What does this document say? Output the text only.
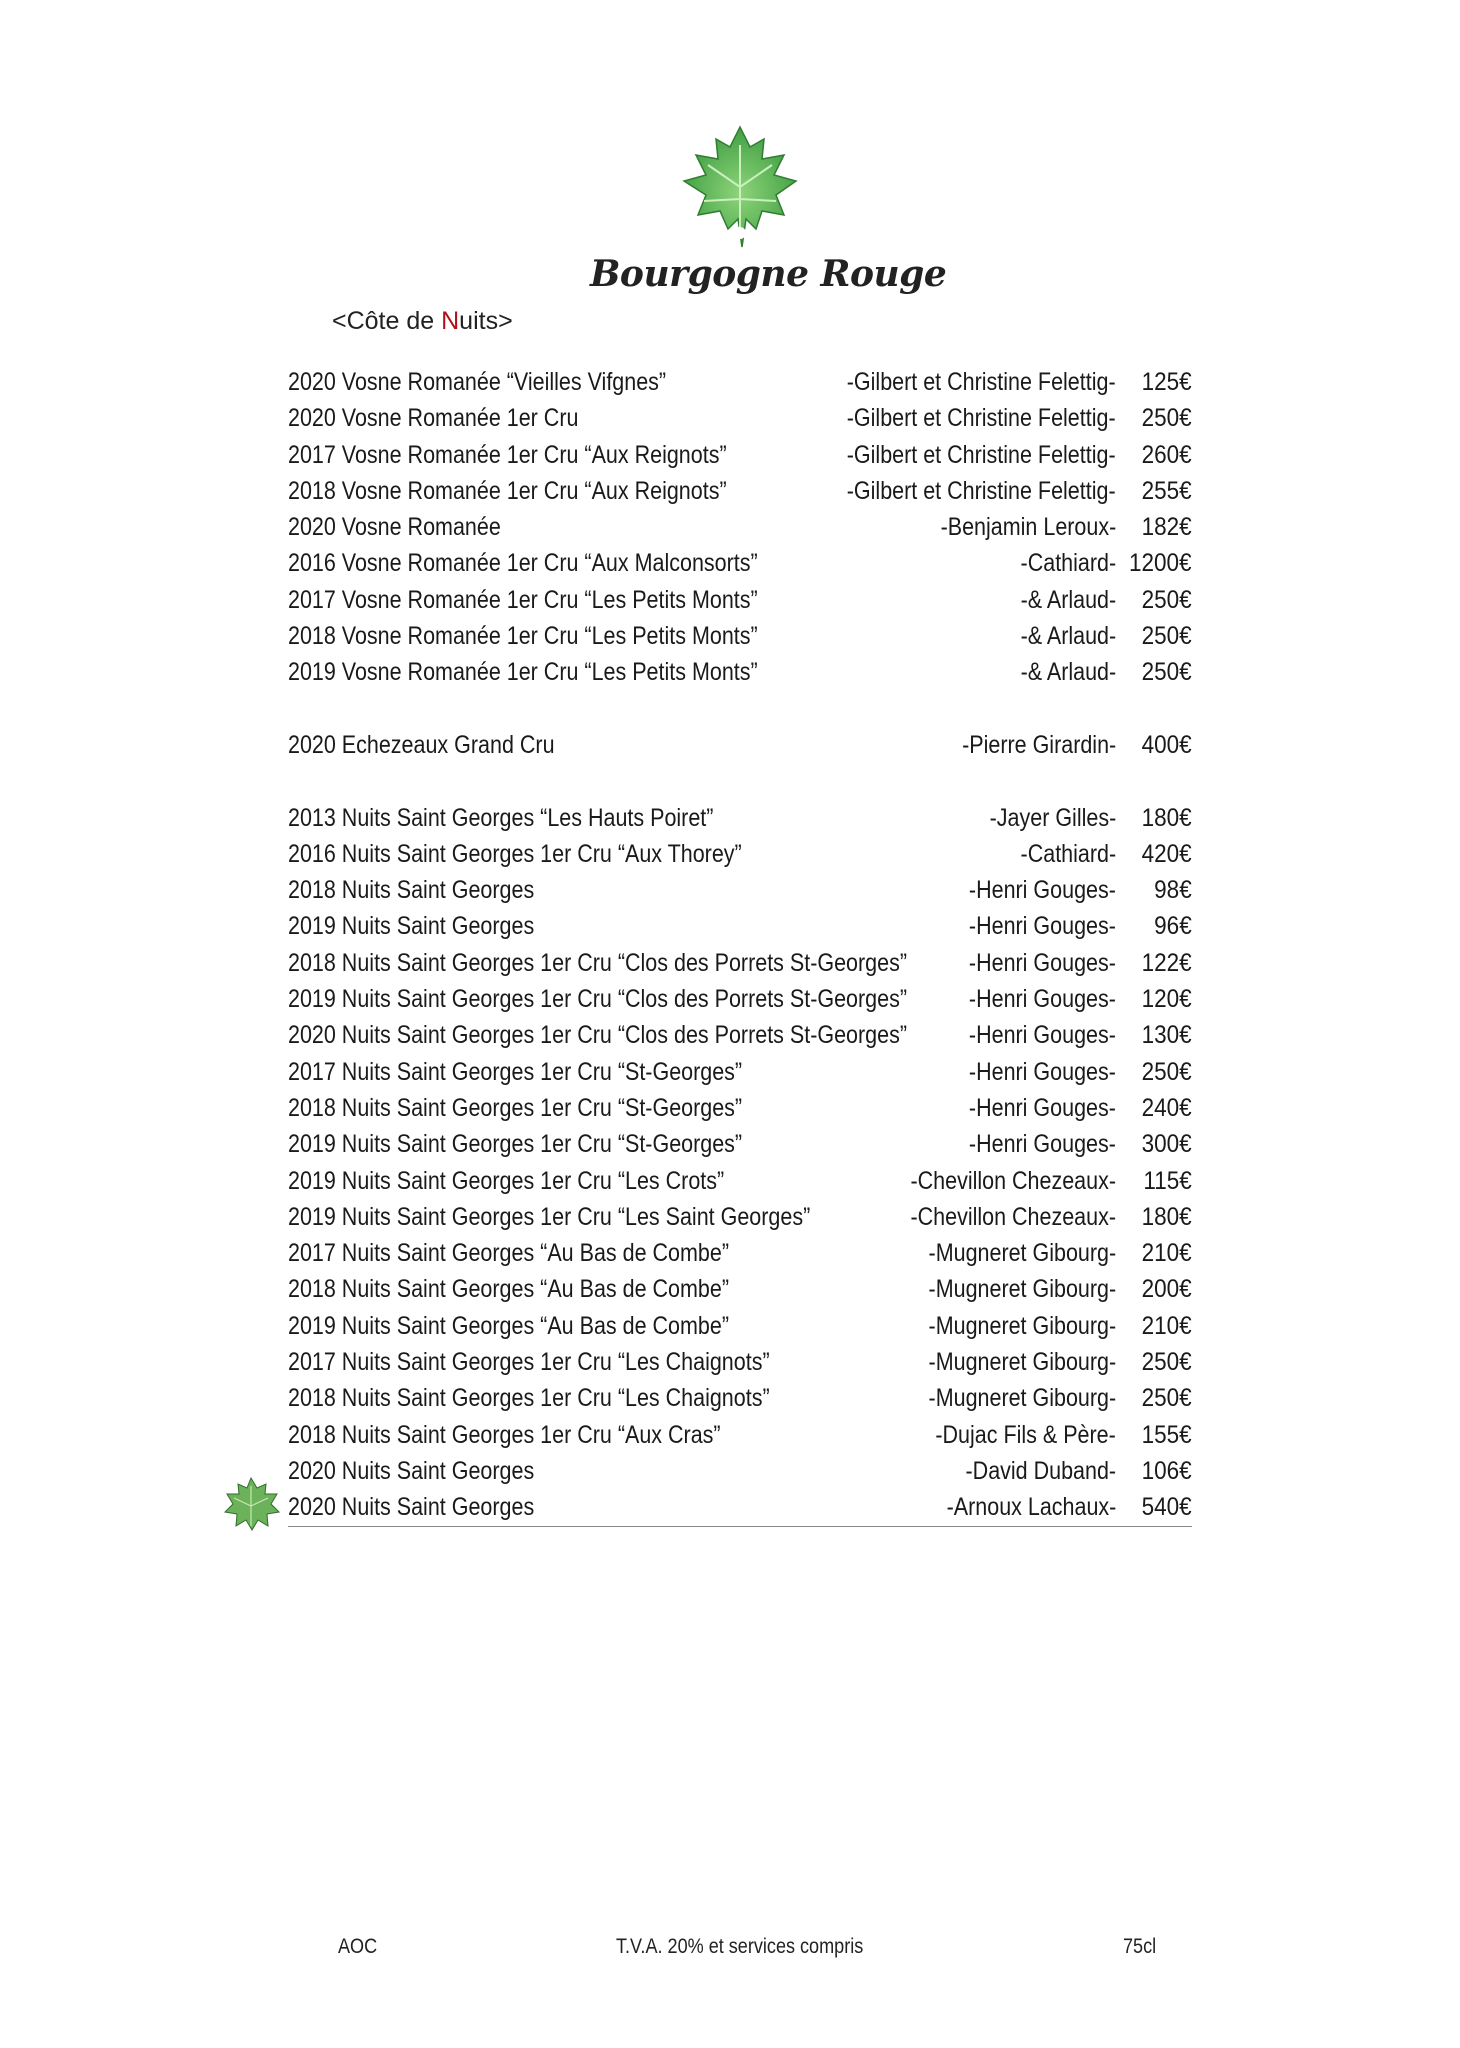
Bourgogne Rouge
<Côte de Nuits>
2020 Vosne Romanée “Vieilles Vifgnes”	-Gilbert et Christine Felettig- 125€
2020 Vosne Romanée 1er Cru	-Gilbert et Christine Felettig- 250€
2017 Vosne Romanée 1er Cru “Aux Reignots”	-Gilbert et Christine Felettig- 260€
2018 Vosne Romanée 1er Cru “Aux Reignots”	-Gilbert et Christine Felettig- 255€
2020 Vosne Romanée	-Benjamin Leroux- 182€
2016 Vosne Romanée 1er Cru “Aux Malconsorts”	-Cathiard- 1200€
2017 Vosne Romanée 1er Cru “Les Petits Monts”	-& Arlaud- 250€
2018 Vosne Romanée 1er Cru “Les Petits Monts”	-& Arlaud- 250€
2019 Vosne Romanée 1er Cru “Les Petits Monts”	-& Arlaud- 250€
2020 Echezeaux Grand Cru	-Pierre Girardin- 400€
2013 Nuits Saint Georges “Les Hauts Poiret”	-Jayer Gilles- 180€
2016 Nuits Saint Georges 1er Cru “Aux Thorey”	-Cathiard- 420€
2018 Nuits Saint Georges	-Henri Gouges- 98€
2019 Nuits Saint Georges	-Henri Gouges- 96€
2018 Nuits Saint Georges 1er Cru “Clos des Porrets St-Georges” -Henri Gouges- 122€
2019 Nuits Saint Georges 1er Cru “Clos des Porrets St-Georges” -Henri Gouges- 120€
2020 Nuits Saint Georges 1er Cru “Clos des Porrets St-Georges” -Henri Gouges- 130€
2017 Nuits Saint Georges 1er Cru “St-Georges”	-Henri Gouges- 250€
2018 Nuits Saint Georges 1er Cru “St-Georges”	-Henri Gouges- 240€
2019 Nuits Saint Georges 1er Cru “St-Georges”	-Henri Gouges- 300€
2019 Nuits Saint Georges 1er Cru “Les Crots”	-Chevillon Chezeaux- 115€
2019 Nuits Saint Georges 1er Cru “Les Saint Georges”	-Chevillon Chezeaux- 180€
2017 Nuits Saint Georges “Au Bas de Combe”	-Mugneret Gibourg- 210€
2018 Nuits Saint Georges “Au Bas de Combe”	-Mugneret Gibourg- 200€
2019 Nuits Saint Georges “Au Bas de Combe”	-Mugneret Gibourg- 210€
2017 Nuits Saint Georges 1er Cru “Les Chaignots”	-Mugneret Gibourg- 250€
2018 Nuits Saint Georges 1er Cru “Les Chaignots”	-Mugneret Gibourg- 250€
2018 Nuits Saint Georges 1er Cru “Aux Cras”	-Dujac Fils & Père- 155€
2020 Nuits Saint Georges	-David Duband- 106€
2020 Nuits Saint Georges	-Arnoux Lachaux- 540€
AOC	T.V.A. 20% et services compris	75cl
